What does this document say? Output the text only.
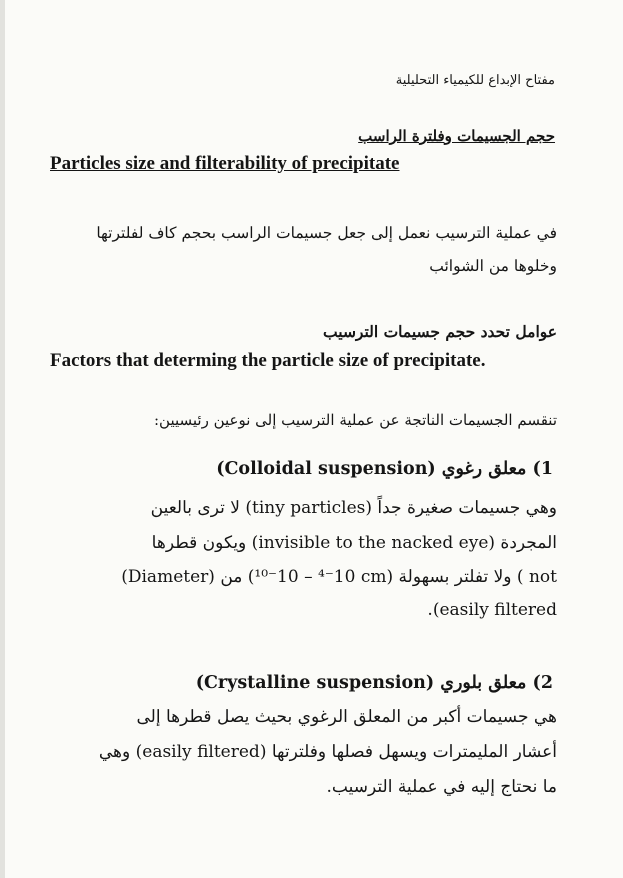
مفتاح الإبداع للكيمياء التحليلية
حجم الجسيمات وفلترة الراسب
Particles size and filterability of precipitate
في عملية الترسيب نعمل إلى جعل جسيمات الراسب بحجم كاف لفلترتها
وخلوها من الشوائب
عوامل تحدد حجم جسيمات الترسيب
Factors that determing the particle size of precipitate.
تنقسم الجسيمات الناتجة عن عملية الترسيب إلى نوعين رئيسيين:
1) معلق رغوي (Colloidal suspension)
وهي جسيمات صغيرة جداً (tiny particles) لا ترى بالعين
المجردة (invisible to the nacked eye) ويكون قطرها
(Diameter) من (10⁻⁴ – 10⁻¹⁰ cm) ولا تفلتر بسهولة ( not
.(easily filtered
2) معلق بلوري (Crystalline suspension)
هي جسيمات أكبر من المعلق الرغوي بحيث يصل قطرها إلى
أعشار المليمترات ويسهل فصلها وفلترتها (easily filtered) وهي
ما نحتاج إليه في عملية الترسيب.
